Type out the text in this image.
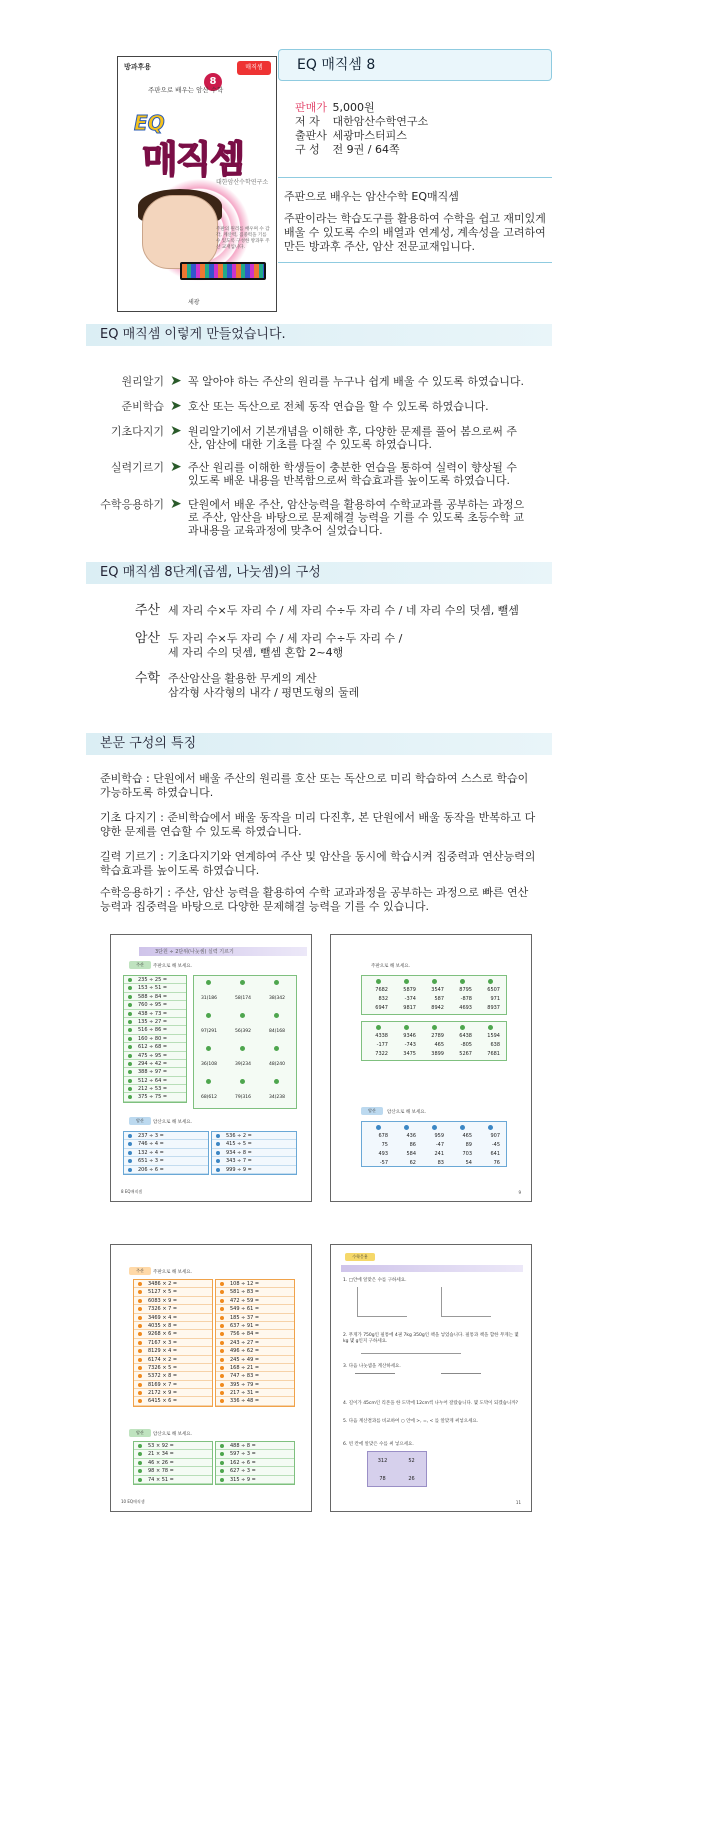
방과후용	매직셈
8
주판으로 배우는 암산 수학
EQ
매직셈
대한암산수학연구소
주판의 원리를 배우며 수 감각, 계산력, 집중력을 기를 수 있도록 구성한 방과후 주산 교재입니다.
세광
EQ 매직셈 8
판매가
5,000원
저 자
	대한암산수학연구소
출판사
세광마스터피스
구 성
	전 9권 / 64쪽
주판으로 배우는 암산수학 EQ매직셈
주판이라는 학습도구를 활용하여 수학을 쉽고 재미있게 배울 수 있도록 수의 배열과 연계성, 계속성을 고려하여 만든 방과후 주산, 암산 전문교재입니다.
EQ 매직셈 이렇게 만들었습니다.
원리알기 ➤ 꼭 알아야 하는 주산의 원리를 누구나 쉽게 배울 수 있도록 하였습니다.
준비학습 ➤ 호산 또는 독산으로 전체 동작 연습을 할 수 있도록 하였습니다.
기초다지기 ➤ 원리알기에서 기본개념을 이해한 후, 다양한 문제를 풀어 봄으로써 주산, 암산에 대한 기초를 다질 수 있도록 하였습니다.
실력기르기 ➤ 주산 원리를 이해한 학생들이 충분한 연습을 통하여 실력이 향상될 수 있도록 배운 내용을 반복함으로써 학습효과를 높이도록 하였습니다.
수학응용하기 ➤ 단원에서 배운 주산, 암산능력을 활용하여 수학교과를 공부하는 과정으로 주산, 암산을 바탕으로 문제해결 능력을 기를 수 있도록 초등수학 교과내용을 교육과정에 맞추어 실었습니다.
EQ 매직셈 8단계(곱셈, 나눗셈)의 구성
주산 세 자리 수×두 자리 수 / 세 자리 수÷두 자리 수 / 네 자리 수의 덧셈, 뺄셈
암산 두 자리 수×두 자리 수 / 세 자리 수÷두 자리 수 /
세 자리 수의 덧셈, 뺄셈 혼합 2~4행
수학 주산암산을 활용한 무게의 계산
삼각형 사각형의 내각 / 평면도형의 둘레
본문 구성의 특징
준비학습 : 단원에서 배울 주산의 원리를 호산 또는 독산으로 미리 학습하여 스스로 학습이 가능하도록 하였습니다.
기초 다지기 : 준비학습에서 배울 동작을 미리 다진후, 본 단원에서 배울 동작을 반복하고 다양한 문제를 연습할 수 있도록 하였습니다.
길력 기르기 : 기초다지기와 연계하여 주산 및 암산을 동시에 학습시켜 집중력과 연산능력의 학습효과를 높이도록 하였습니다.
수학응용하기 : 주산, 암산 능력을 활용하여 수학 교과과정을 공부하는 과정으로 빠른 연산 능력과 집중력을 바탕으로 다양한 문제해결 능력을 기를 수 있습니다.
3단원 ÷ 2단위(나눗셈) 실력 기르기
주산	주판으로 해 보세요.
235 ÷ 25 =
153 ÷ 51 =
588 ÷ 84 =
760 ÷ 95 =
438 ÷ 73 =
135 ÷ 27 =
516 ÷ 86 =
160 ÷ 80 =
612 ÷ 68 =
475 ÷ 95 =
294 ÷ 42 =
388 ÷ 97 =
512 ÷ 64 =
212 ÷ 53 =
375 ÷ 75 =
31)186	58)174	38)342
97)291	56)392	84)168
36)108	39)234	48)240
68)612	79)316	34)238
암산	암산으로 해 보세요.
237 ÷ 3 =
746 ÷ 4 =
132 ÷ 4 =
651 ÷ 3 =
206 ÷ 6 =
536 ÷ 2 =
415 ÷ 5 =
934 ÷ 8 =
343 ÷ 7 =
999 ÷ 9 =
8 EQ매직셈
주판으로 해 보세요.
7682	5879	3547	8795	6507
832	-374	587	-878	971
6947	9817	8942	4693	8937
4338	9346	2789	6438	1594
-177	-743	465	-805	638
7322	3475	3899	5267	7681
암산	암산으로 해 보세요.
678	436	959	465	907
75	86	-47	89	-45
493	584	241	703	641
-57	62	83	54	76
9
주산	주판으로 해 보세요.
3486 × 2 =
5127 × 5 =
6083 × 9 =
7326 × 7 =
3469 × 4 =
4035 × 8 =
9268 × 6 =
7167 × 3 =
8129 × 4 =
6174 × 2 =
7326 × 5 =
5372 × 8 =
8169 × 7 =
2172 × 9 =
6415 × 6 =
108 ÷ 12 =
581 ÷ 83 =
472 ÷ 59 =
549 ÷ 61 =
185 ÷ 37 =
637 ÷ 91 =
756 ÷ 84 =
243 ÷ 27 =
496 ÷ 62 =
245 ÷ 49 =
168 ÷ 21 =
747 ÷ 83 =
395 ÷ 79 =
217 ÷ 31 =
336 ÷ 48 =
암산	암산으로 해 보세요.
53 × 92 =
21 × 34 =
46 × 26 =
98 × 78 =
74 × 51 =
488 ÷ 8 =
597 ÷ 3 =
162 ÷ 6 =
627 ÷ 3 =
315 ÷ 9 =
10 EQ매직셈
수학응용
1. □안에 알맞은 수를 구하세요.
2. 무게가 750g인 필통에 4권 7kg 350g인 책을 넣었습니다. 필통과 책을 합한 무게는 몇 kg 몇 g인지 구하세요.
3. 다음 나눗셈을 계산하세요.
4. 길이가 45cm인 리본을 한 도막에 12cm씩 나누어 잘랐습니다. 몇 도막이 되겠습니까?
5. 다음 계산결과를 비교하여 ○ 안에 >, =, < 를 알맞게 써넣으세요.
6. 빈 칸에 알맞은 수를 써 넣으세요.
312	52
78	26
11
